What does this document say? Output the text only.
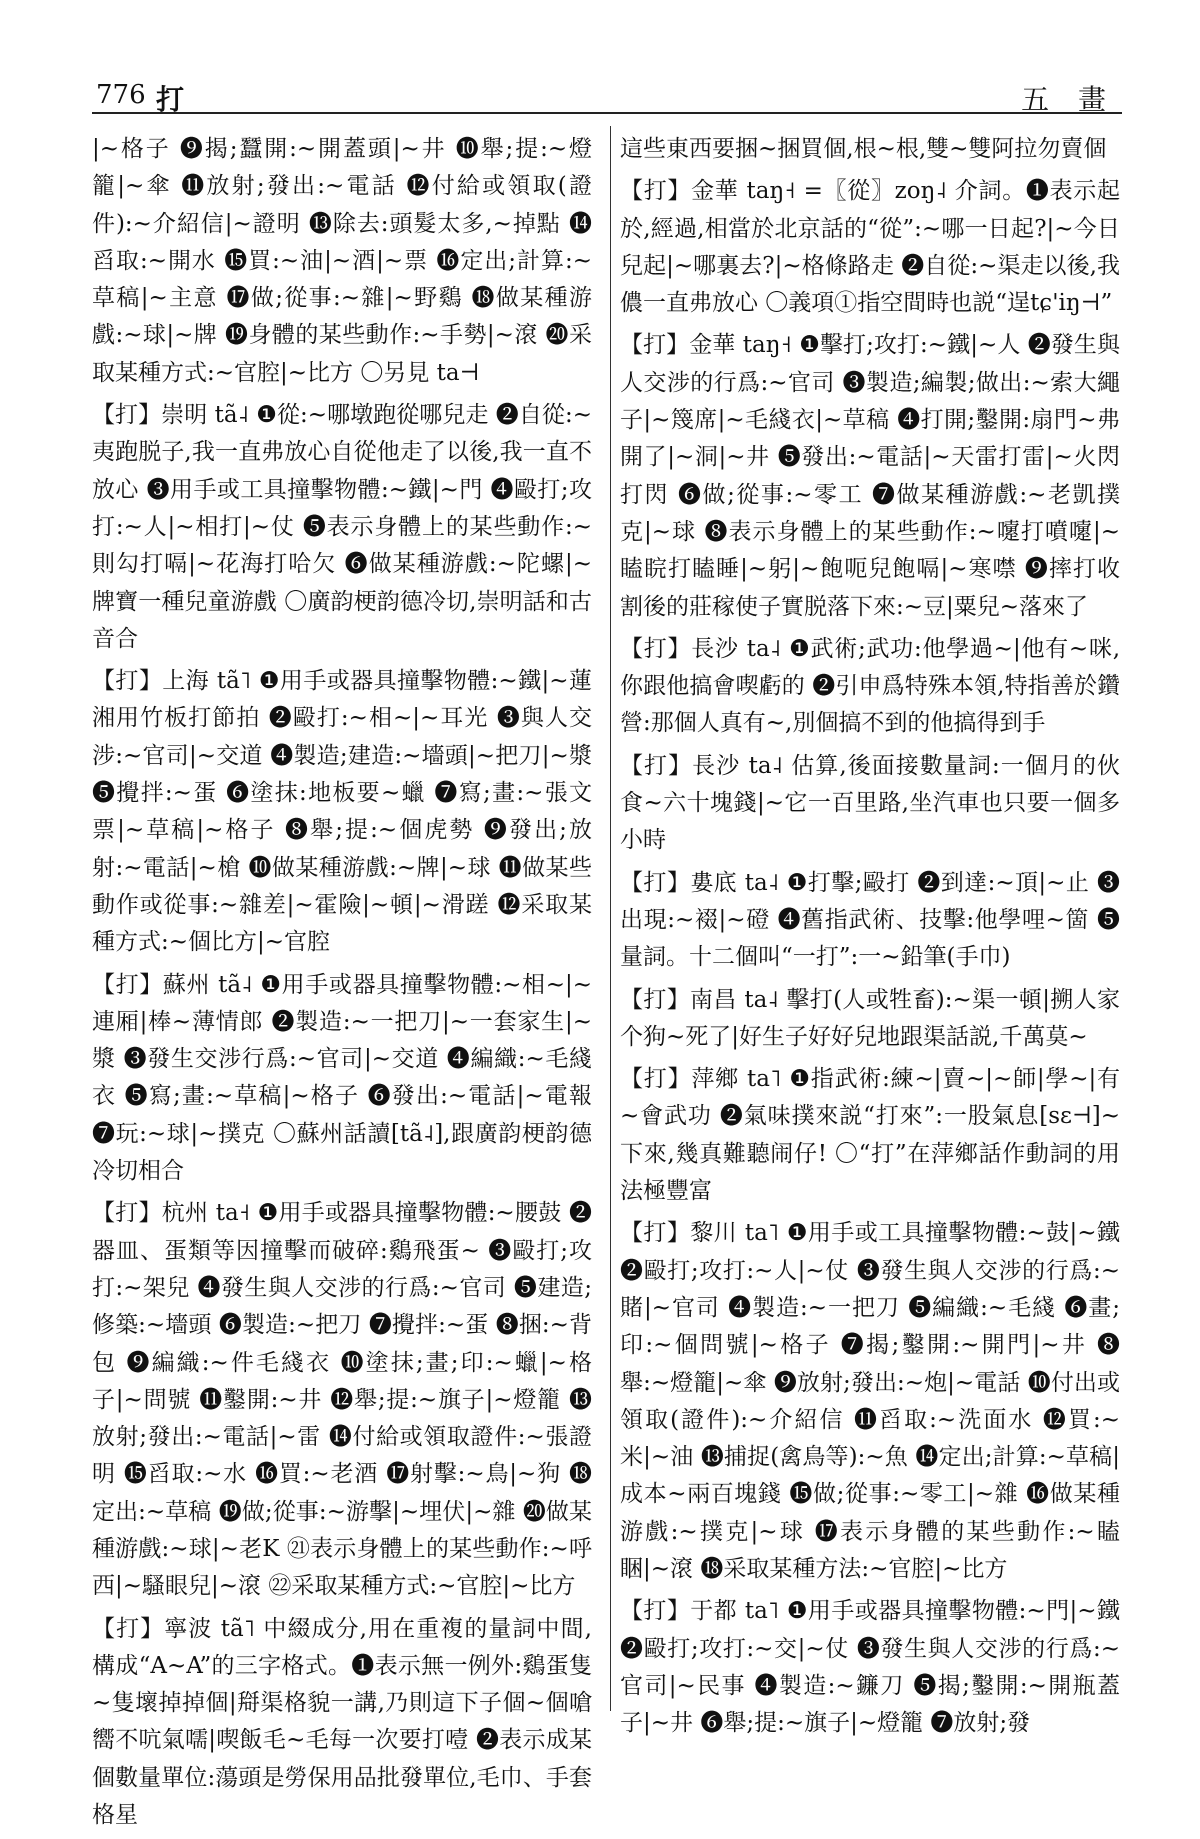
776 打	五 畫

|~格子 ❾揭;蠶開:~開蓋頭|~井 ❿舉;提:~燈籠|~傘 ⓫放射;發出:~電話 ⓬付給或領取(證件):~介紹信|~證明 ⓭除去:頭髮太多,~掉點 ⓮舀取:~開水 ⓯買:~油|~酒|~票 ⓰定出;計算:~草稿|~主意 ⓱做;從事:~雜|~野鷄 ⓲做某種游戲:~球|~牌 ⓳身體的某些動作:~手勢|~滾 ⓴采取某種方式:~官腔|~比方 〇另見 ta⊣

【打】崇明 tã˨ ❶從:~哪墩跑從哪兒走 ❷自從:~夷跑脱子,我一直弗放心自從他走了以後,我一直不放心 ❸用手或工具撞擊物體:~鐵|~門 ❹毆打;攻打:~人|~相打|~仗 ❺表示身體上的某些動作:~則勾打嗝|~花海打哈欠 ❻做某種游戲:~陀螺|~牌寶一種兒童游戲 〇廣韵梗韵德冷切,崇明話和古音合

【打】上海 tã˥ ❶用手或器具撞擊物體:~鐵|~蓮湘用竹板打節拍 ❷毆打:~相~|~耳光 ❸與人交涉:~官司|~交道 ❹製造;建造:~墻頭|~把刀|~漿 ❺攪拌:~蛋 ❻塗抹:地板要~蠟 ❼寫;畫:~張文票|~草稿|~格子 ❽舉;提:~個虎勢 ❾發出;放射:~電話|~槍 ❿做某種游戲:~牌|~球 ⓫做某些動作或從事:~雜差|~霍險|~頓|~滑蹉 ⓬采取某種方式:~個比方|~官腔

【打】蘇州 tã˨ ❶用手或器具撞擊物體:~相~|~連厢|棒~薄情郎 ❷製造:~一把刀|~一套家生|~漿 ❸發生交涉行爲:~官司|~交道 ❹編織:~毛綫衣 ❺寫;畫:~草稿|~格子 ❻發出:~電話|~電報 ❼玩:~球|~撲克 〇蘇州話讀[tã˨],跟廣韵梗韵德冷切相合

【打】杭州 ta˧ ❶用手或器具撞擊物體:~腰鼓 ❷器皿、蛋類等因撞擊而破碎:鷄飛蛋~ ❸毆打;攻打:~架兒 ❹發生與人交涉的行爲:~官司 ❺建造;修築:~墻頭 ❻製造:~把刀 ❼攪拌:~蛋 ❽捆:~背包 ❾編織:~件毛綫衣 ❿塗抹;畫;印:~蠟|~格子|~問號 ⓫鑿開:~井 ⓬舉;提:~旗子|~燈籠 ⓭放射;發出:~電話|~雷 ⓮付給或領取證件:~張證明 ⓯舀取:~水 ⓰買:~老酒 ⓱射擊:~鳥|~狗 ⓲定出:~草稿 ⓳做;從事:~游擊|~埋伏|~雜 ⓴做某種游戲:~球|~老K ㉑表示身體上的某些動作:~呼西|~騷眼兒|~滾 ㉒采取某種方式:~官腔|~比方

【打】寧波 tã˥ 中綴成分,用在重複的量詞中間,構成“A~A”的三字格式。❶表示無一例外:鷄蛋隻~隻壞掉掉個|搿渠格貌一講,乃則這下子個~個嗆嚮不吭氣嚅|喫飯毛~毛每一次要打噎 ❷表示成某個數量單位:蕩頭是勞保用品批發單位,毛巾、手套格星

這些東西要捆~捆買個,根~根,雙~雙阿拉勿賣個

【打】金華 taŋ˧ =〖從〗zoŋ˨ 介詞。❶表示起於,經過,相當於北京話的“從”:~哪一日起?|~今日兒起|~哪裏去?|~格條路走 ❷自從:~渠走以後,我儂一直弗放心 〇義項①指空間時也説“逞tɕ'iŋ⊣”

【打】金華 taŋ˧ ❶擊打;攻打:~鐵|~人 ❷發生與人交涉的行爲:~官司 ❸製造;編製;做出:~索大繩子|~篾席|~毛綫衣|~草稿 ❹打開;鑿開:扇門~弗開了|~洞|~井 ❺發出:~電話|~天雷打雷|~火閃打閃 ❻做;從事:~零工 ❼做某種游戲:~老凱撲克|~球 ❽表示身體上的某些動作:~嚔打噴嚔|~瞌睆打瞌睡|~躬|~飽呃兒飽嗝|~寒噤 ❾摔打收割後的莊稼使子實脱落下來:~豆|粟兒~落來了

【打】長沙 ta˨ ❶武術;武功:他學過~|他有~咪,你跟他搞會喫虧的 ❷引申爲特殊本領,特指善於鑽營:那個人真有~,別個搞不到的他搞得到手

【打】長沙 ta˨ 估算,後面接數量詞:一個月的伙食~六十塊錢|~它一百里路,坐汽車也只要一個多小時

【打】婁底 ta˨ ❶打擊;毆打 ❷到達:~頂|~止 ❸出現:~裰|~磴 ❹舊指武術、技擊:他學哩~箇 ❺量詞。十二個叫“一打”:一~鉛筆(手巾)

【打】南昌 ta˨ 擊打(人或牲畜):~渠一頓|搠人家个狗~死了|好生子好好兒地跟渠話説,千萬莫~

【打】萍鄉 ta˥ ❶指武術:練~|賣~|~師|學~|有~會武功 ❷氣味撲來説“打來”:一股氣息[sɛ⊣]~下來,幾真難聽闹仔! 〇“打”在萍鄉話作動詞的用法極豐富

【打】黎川 ta˥ ❶用手或工具撞擊物體:~鼓|~鐵 ❷毆打;攻打:~人|~仗 ❸發生與人交涉的行爲:~賭|~官司 ❹製造:~一把刀 ❺編織:~毛綫 ❻畫;印:~個問號|~格子 ❼揭;鑿開:~開門|~井 ❽舉:~燈籠|~傘 ❾放射;發出:~炮|~電話 ❿付出或領取(證件):~介紹信 ⓫舀取:~洗面水 ⓬買:~米|~油 ⓭捕捉(禽鳥等):~魚 ⓮定出;計算:~草稿|成本~兩百塊錢 ⓯做;從事:~零工|~雜 ⓰做某種游戲:~撲克|~球 ⓱表示身體的某些動作:~瞌睏|~滾 ⓲采取某種方法:~官腔|~比方

【打】于都 ta˥ ❶用手或器具撞擊物體:~門|~鐵 ❷毆打;攻打:~交|~仗 ❸發生與人交涉的行爲:~官司|~民事 ❹製造:~鐮刀 ❺揭;鑿開:~開瓶蓋子|~井 ❻舉;提:~旗子|~燈籠 ❼放射;發
